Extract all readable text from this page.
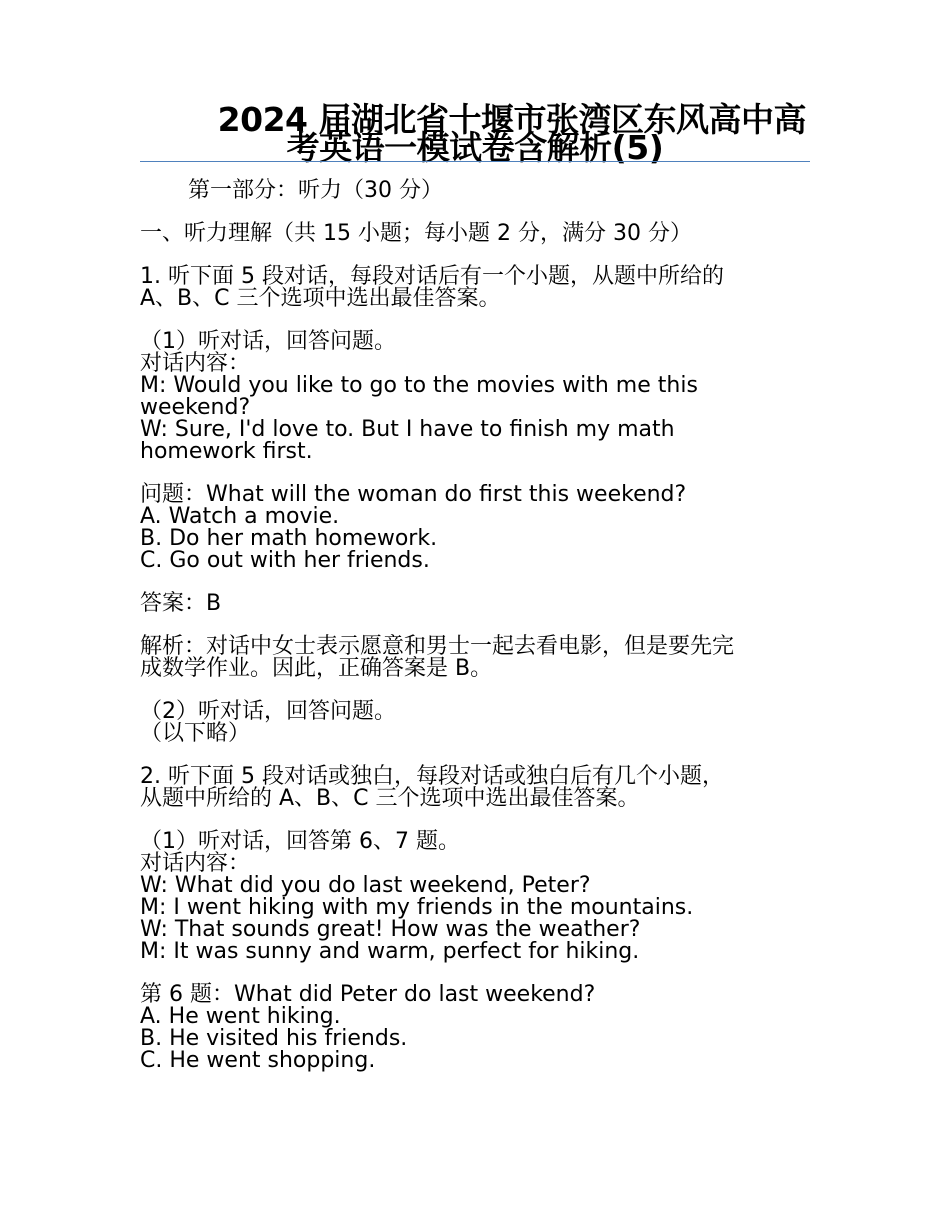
2024 届湖北省十堰市张湾区东风高中高
考英语一模试卷含解析(5)

第一部分：听力（30 分）

一、听力理解（共 15 小题；每小题 2 分，满分 30 分）

1. 听下面 5 段对话，每段对话后有一个小题，从题中所给的

A、B、C 三个选项中选出最佳答案。

（1）听对话，回答问题。

对话内容：

M: Would you like to go to the movies with me this

weekend?

W: Sure, I'd love to. But I have to finish my math

homework first.

问题：What will the woman do first this weekend?

A. Watch a movie.

B. Do her math homework.

C. Go out with her friends.

答案：B

解析：对话中女士表示愿意和男士一起去看电影，但是要先完

成数学作业。因此，正确答案是 B。

（2）听对话，回答问题。

（以下略）

2. 听下面 5 段对话或独白，每段对话或独白后有几个小题，

从题中所给的 A、B、C 三个选项中选出最佳答案。

（1）听对话，回答第 6、7 题。

对话内容：

W: What did you do last weekend, Peter?

M: I went hiking with my friends in the mountains.

W: That sounds great! How was the weather?

M: It was sunny and warm, perfect for hiking.

第 6 题：What did Peter do last weekend?

A. He went hiking.

B. He visited his friends.

C. He went shopping.
